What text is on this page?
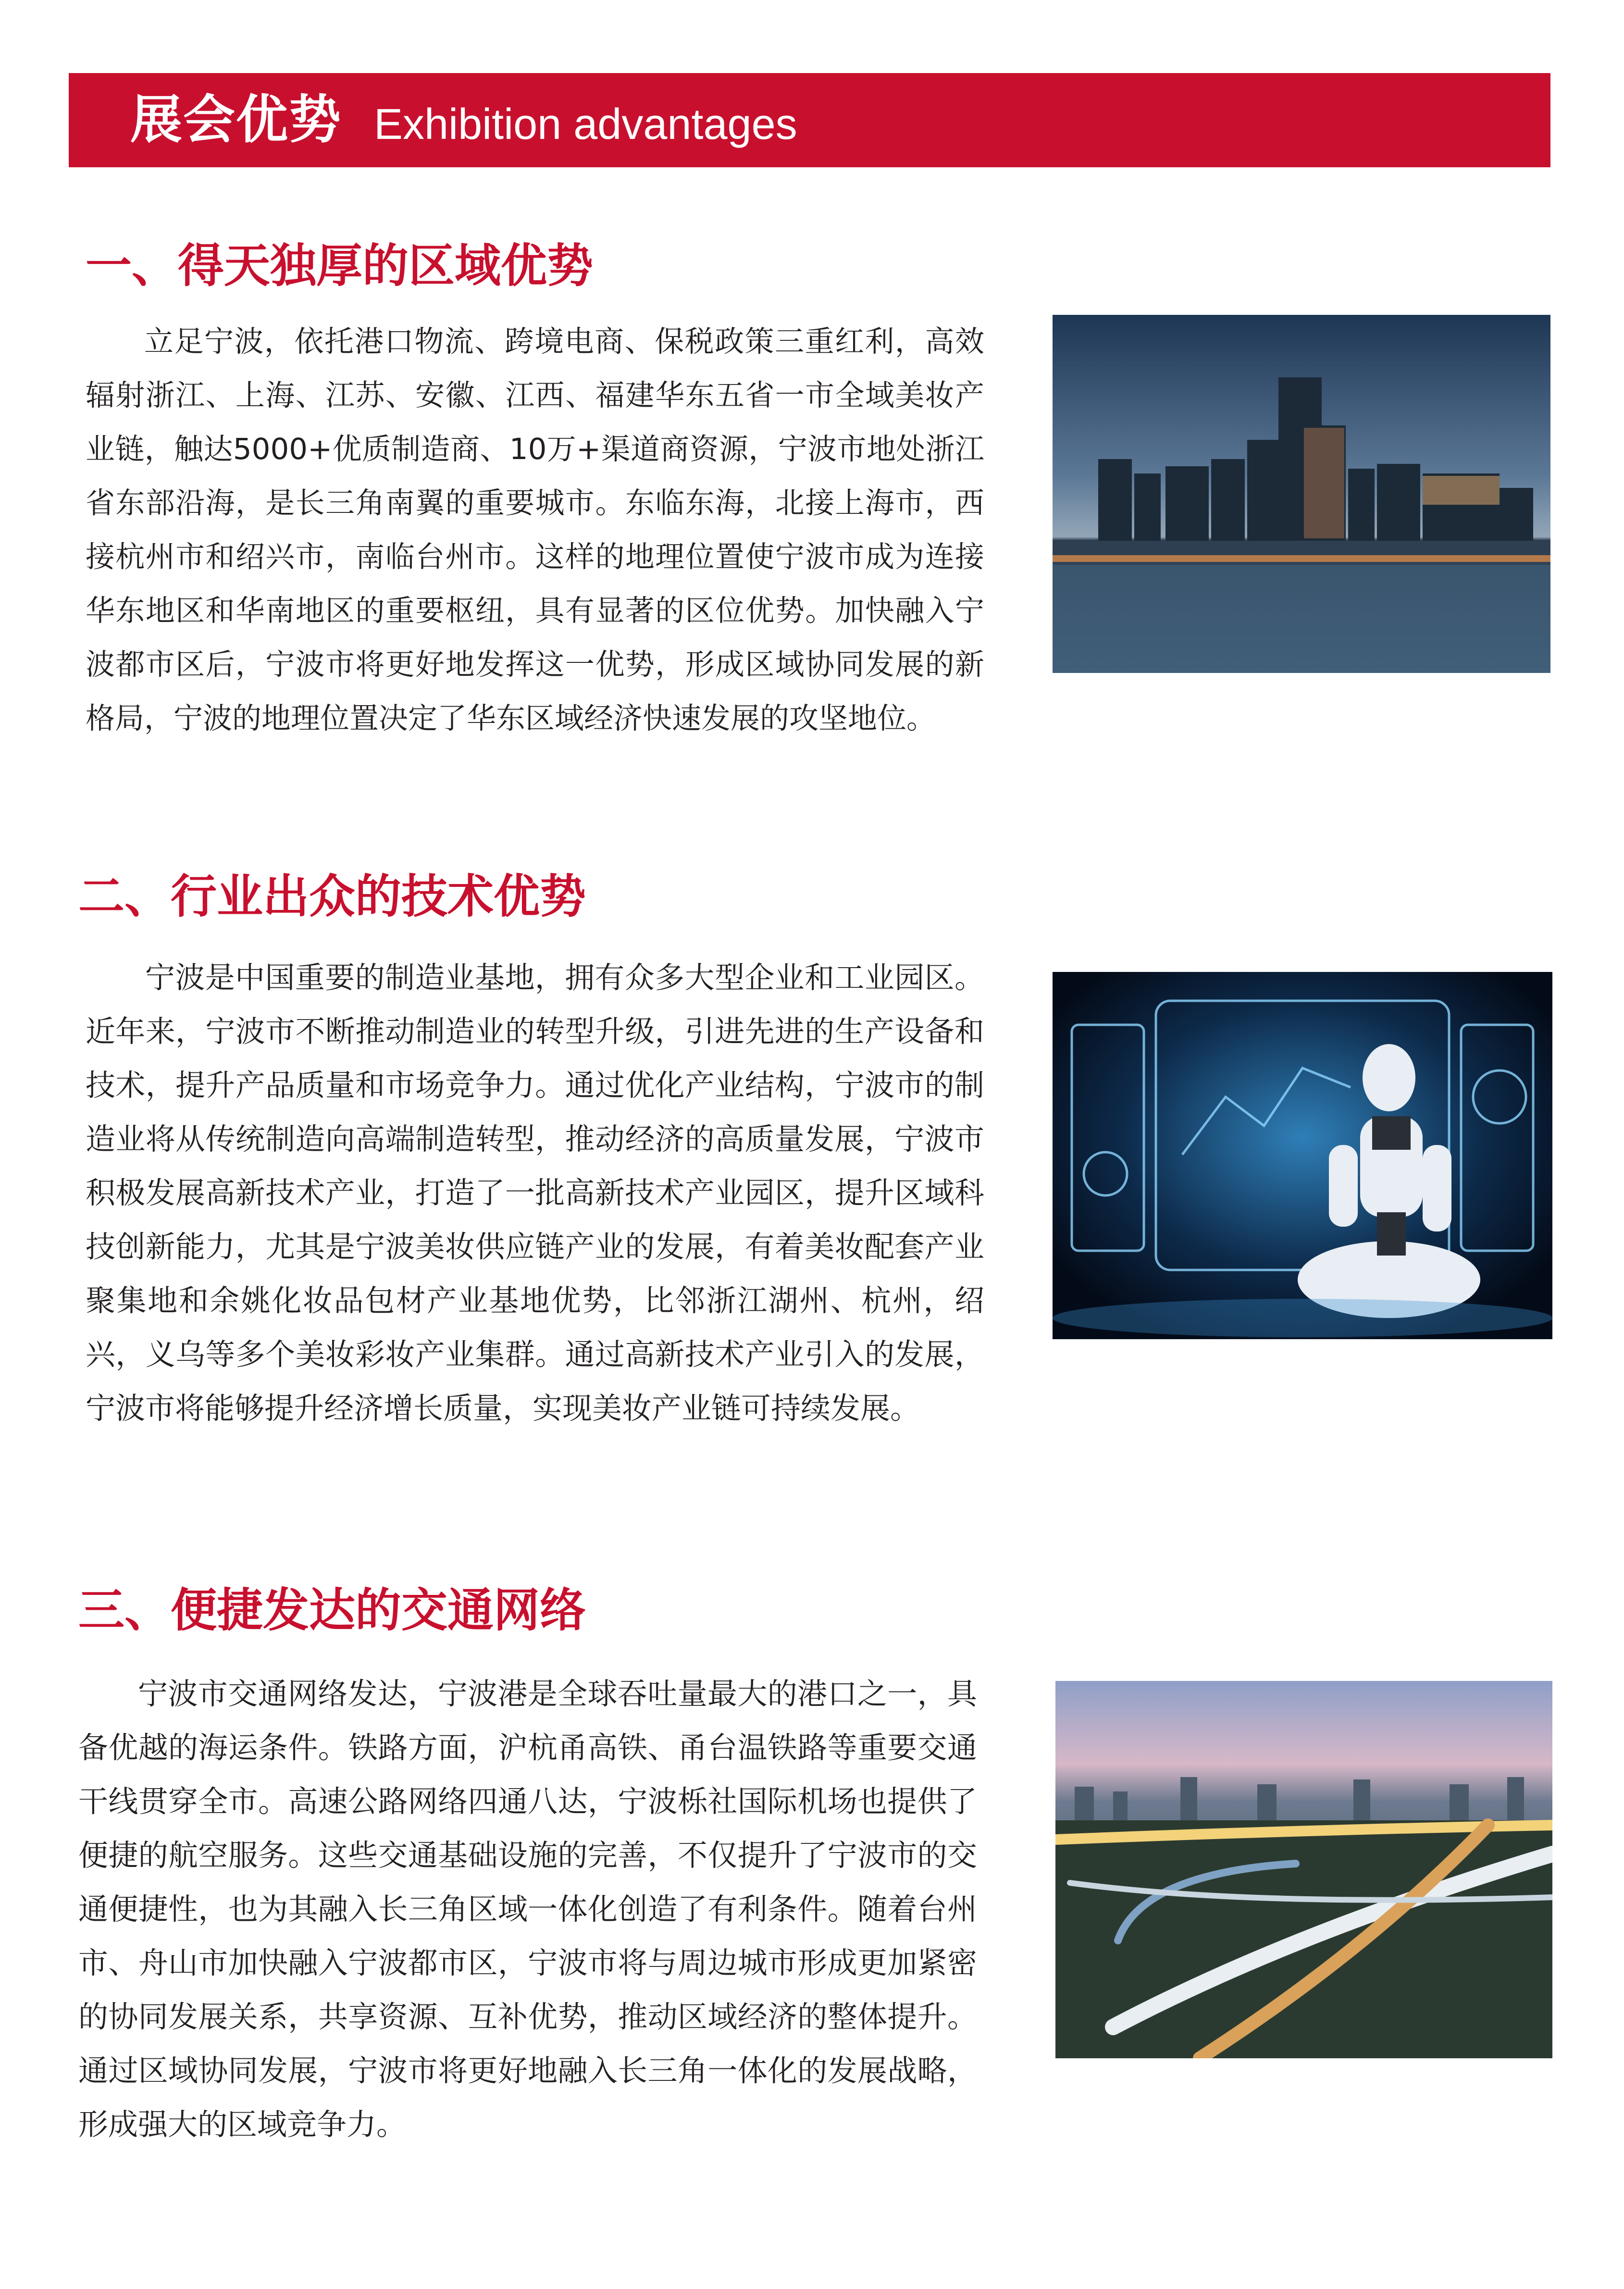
展会优势 Exhibition advantages
一、得天独厚的区域优势

立足宁波，依托港口物流、跨境电商、保税政策三重红利，高效辐射浙江、上海、江苏、安徽、江西、福建华东五省一市全域美妆产业链，触达5000+优质制造商、10万+渠道商资源，宁波市地处浙江省东部沿海，是长三角南翼的重要城市。东临东海，北接上海市，西接杭州市和绍兴市，南临台州市。这样的地理位置使宁波市成为连接华东地区和华南地区的重要枢纽，具有显著的区位优势。加快融入宁波都市区后，宁波市将更好地发挥这一优势，形成区域协同发展的新格局，宁波的地理位置决定了华东区域经济快速发展的攻坚地位。

二、行业出众的技术优势

宁波是中国重要的制造业基地，拥有众多大型企业和工业园区。近年来，宁波市不断推动制造业的转型升级，引进先进的生产设备和技术，提升产品质量和市场竞争力。通过优化产业结构，宁波市的制造业将从传统制造向高端制造转型，推动经济的高质量发展，宁波市积极发展高新技术产业，打造了一批高新技术产业园区，提升区域科技创新能力，尤其是宁波美妆供应链产业的发展，有着美妆配套产业聚集地和余姚化妆品包材产业基地优势，比邻浙江湖州、杭州，绍兴，义乌等多个美妆彩妆产业集群。通过高新技术产业引入的发展，宁波市将能够提升经济增长质量，实现美妆产业链可持续发展。

三、便捷发达的交通网络

宁波市交通网络发达，宁波港是全球吞吐量最大的港口之一，具备优越的海运条件。铁路方面，沪杭甬高铁、甬台温铁路等重要交通干线贯穿全市。高速公路网络四通八达，宁波栎社国际机场也提供了便捷的航空服务。这些交通基础设施的完善，不仅提升了宁波市的交通便捷性，也为其融入长三角区域一体化创造了有利条件。随着台州市、舟山市加快融入宁波都市区，宁波市将与周边城市形成更加紧密的协同发展关系，共享资源、互补优势，推动区域经济的整体提升。通过区域协同发展，宁波市将更好地融入长三角一体化的发展战略，形成强大的区域竞争力。
